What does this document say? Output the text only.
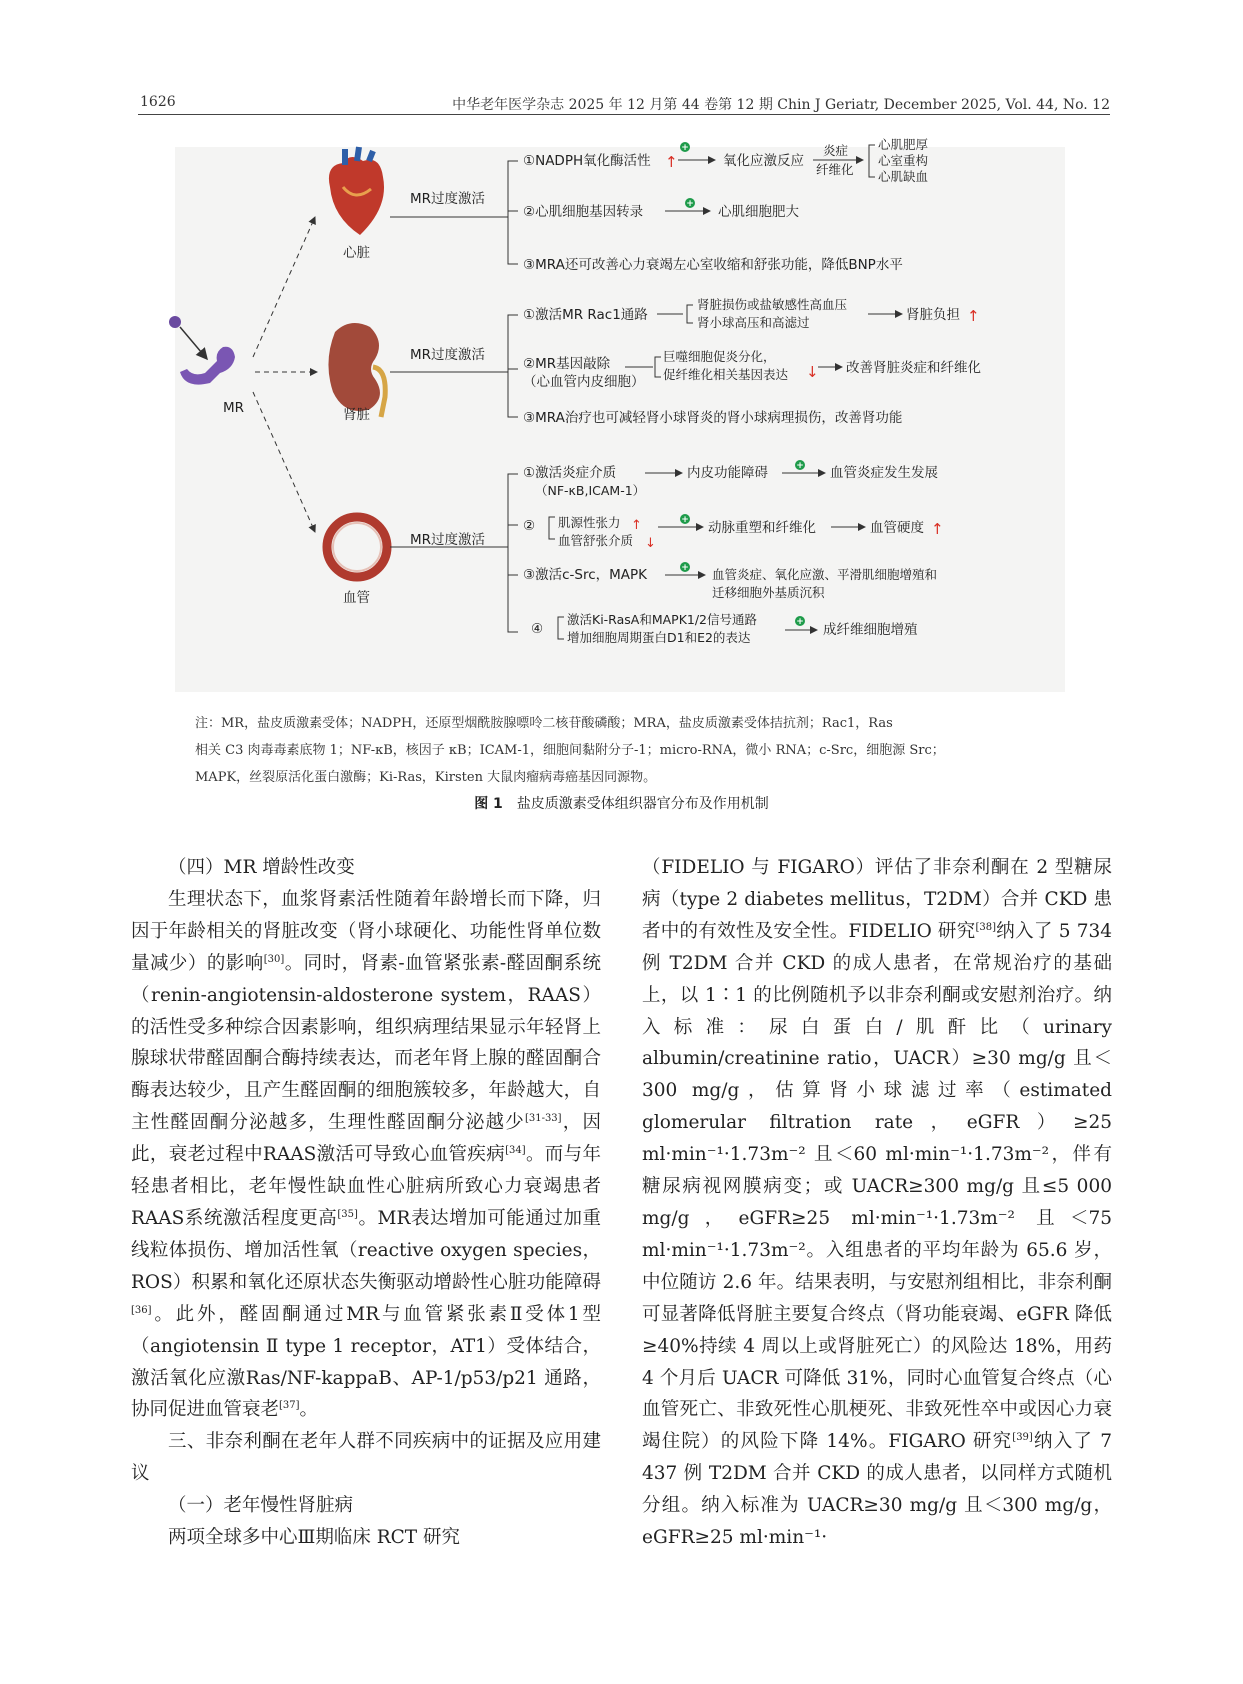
1626	中华老年医学杂志 2025 年 12 月第 44 卷第 12 期 Chin J Geriatr, December 2025, Vol. 44, No. 12
MR
心脏
肾脏
血管
MR过度激活
MR过度激活
MR过度激活
①NADPH氧化酶活性 ↑	氧化应激反应
炎症
纤维化
心肌肥厚
心室重构
心肌缺血
②心肌细胞基因转录	心肌细胞肥大
③MRA还可改善心力衰竭左心室收缩和舒张功能，降低BNP水平
①激活MR Rac1通路
肾脏损伤或盐敏感性高血压
肾小球高压和高滤过	肾脏负担 ↑
②MR基因敲除
（心血管内皮细胞）
巨噬细胞促炎分化，
促纤维化相关基因表达 ↓ 改善肾脏炎症和纤维化
③MRA治疗也可减轻肾小球肾炎的肾小球病理损伤，改善肾功能
①激活炎症介质
（NF-κB,ICAM-1）
内皮功能障碍	血管炎症发生发展
② 肌源性张力 ↑
血管舒张介质 ↓
动脉重塑和纤维化	血管硬度 ↑
③激活c-Src，MAPK	血管炎症、氧化应激、平滑肌细胞增殖和
迁移细胞外基质沉积
④
激活Ki-RasA和MAPK1/2信号通路
增加细胞周期蛋白D1和E2的表达	成纤维细胞增殖
+
+
+
+
+
+

注：MR，盐皮质激素受体；NADPH，还原型烟酰胺腺嘌呤二核苷酸磷酸；MRA，盐皮质激素受体拮抗剂；Rac1，Ras

相关 C3 肉毒毒素底物 1；NF-κB，核因子 κB；ICAM-1，细胞间黏附分子-1；micro-RNA，微小 RNA；c-Src，细胞源 Src；

MAPK，丝裂原活化蛋白激酶；Ki-Ras，Kirsten 大鼠肉瘤病毒癌基因同源物。

图 1 盐皮质激素受体组织器官分布及作用机制

（四）MR 增龄性改变

生理状态下，血浆肾素活性随着年龄增长而下降，归因于年龄相关的肾脏改变（肾小球硬化、功能性肾单位数量减少）的影响[30]。同时，肾素-血管紧张素-醛固酮系统（renin-angiotensin-aldosterone system，RAAS）的活性受多种综合因素影响，组织病理结果显示年轻肾上腺球状带醛固酮合酶持续表达，而老年肾上腺的醛固酮合酶表达较少，且产生醛固酮的细胞簇较多，年龄越大，自主性醛固酮分泌越多，生理性醛固酮分泌越少[31-33]，因此，衰老过程中RAAS激活可导致心血管疾病[34]。而与年轻患者相比，老年慢性缺血性心脏病所致心力衰竭患者RAAS系统激活程度更高[35]。MR表达增加可能通过加重线粒体损伤、增加活性氧（reactive oxygen species，ROS）积累和氧化还原状态失衡驱动增龄性心脏功能障碍[36]。此外，醛固酮通过MR与血管紧张素Ⅱ受体1型（angiotensin Ⅱ type 1 receptor，AT1）受体结合，激活氧化应激Ras/NF-kappaB、AP-1/p53/p21 通路，协同促进血管衰老[37]。

三、非奈利酮在老年人群不同疾病中的证据及应用建议

（一）老年慢性肾脏病

两项全球多中心Ⅲ期临床 RCT 研究

（FIDELIO 与 FIGARO）评估了非奈利酮在 2 型糖尿病（type 2 diabetes mellitus，T2DM）合并 CKD 患者中的有效性及安全性。FIDELIO 研究[38]纳入了 5 734 例 T2DM 合并 CKD 的成人患者，在常规治疗的基础上，以 1∶1 的比例随机予以非奈利酮或安慰剂治疗。纳入标准：尿白蛋白/肌酐比（urinary albumin/creatinine ratio，UACR）≥30 mg/g 且＜300 mg/g，估算肾小球滤过率（estimated glomerular filtration rate，eGFR）≥25 ml·min⁻¹·1.73m⁻² 且＜60 ml·min⁻¹·1.73m⁻²，伴有糖尿病视网膜病变；或 UACR≥300 mg/g 且≤5 000 mg/g，eGFR≥25 ml·min⁻¹·1.73m⁻² 且＜75 ml·min⁻¹·1.73m⁻²。入组患者的平均年龄为 65.6 岁，中位随访 2.6 年。结果表明，与安慰剂组相比，非奈利酮可显著降低肾脏主要复合终点（肾功能衰竭、eGFR 降低≥40%持续 4 周以上或肾脏死亡）的风险达 18%，用药 4 个月后 UACR 可降低 31%，同时心血管复合终点（心血管死亡、非致死性心肌梗死、非致死性卒中或因心力衰竭住院）的风险下降 14%。FIGARO 研究[39]纳入了 7 437 例 T2DM 合并 CKD 的成人患者，以同样方式随机分组。纳入标准为 UACR≥30 mg/g 且＜300 mg/g，eGFR≥25 ml·min⁻¹·
